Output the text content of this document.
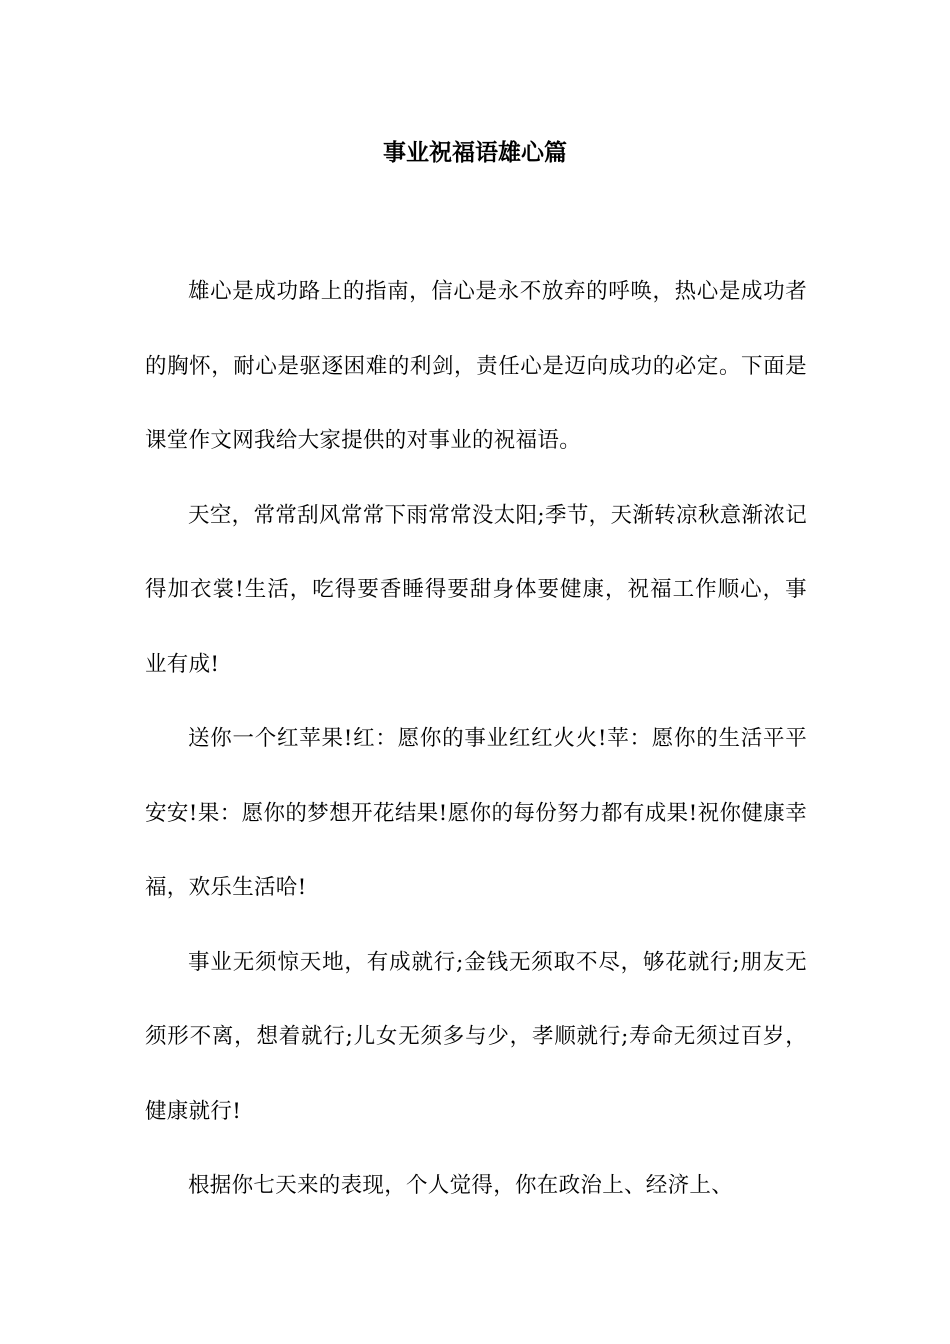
事业祝福语雄心篇

雄心是成功路上的指南，信心是永不放弃的呼唤，热心是成功者的胸怀，耐心是驱逐困难的利剑，责任心是迈向成功的必定。下面是课堂作文网我给大家提供的对事业的祝福语。

天空，常常刮风常常下雨常常没太阳;季节，天渐转凉秋意渐浓记得加衣裳!生活，吃得要香睡得要甜身体要健康，祝福工作顺心，事业有成!

送你一个红苹果!红：愿你的事业红红火火!苹：愿你的生活平平安安!果：愿你的梦想开花结果!愿你的每份努力都有成果!祝你健康幸福，欢乐生活哈!

事业无须惊天地，有成就行;金钱无须取不尽，够花就行;朋友无须形不离，想着就行;儿女无须多与少，孝顺就行;寿命无须过百岁，健康就行!

根据你七天来的表现，个人觉得，你在政治上、经济上、
